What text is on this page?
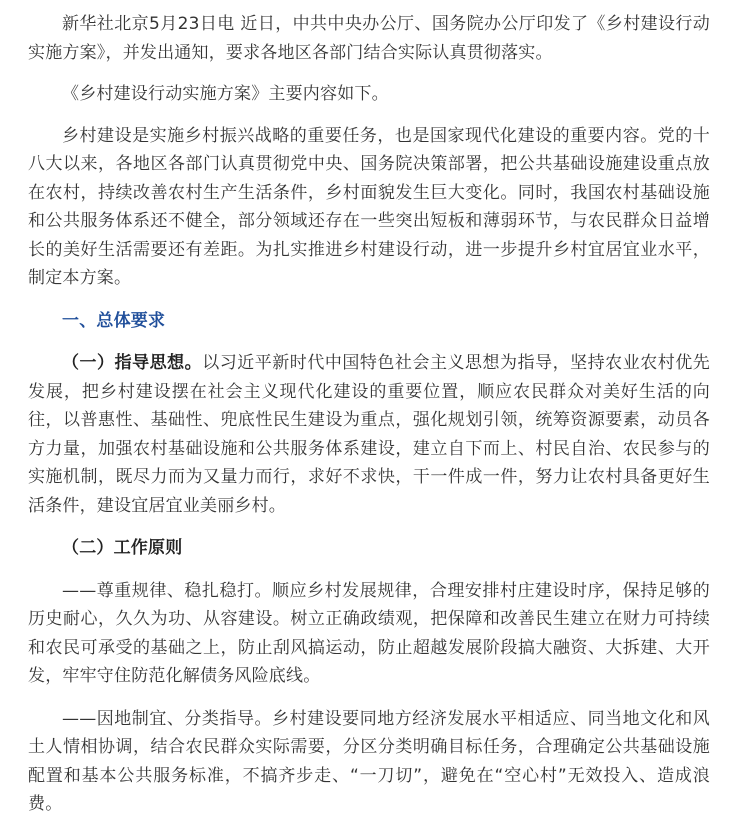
新华社北京5月23日电 近日，中共中央办公厅、国务院办公厅印发了《乡村建设行动实施方案》，并发出通知，要求各地区各部门结合实际认真贯彻落实。

《乡村建设行动实施方案》主要内容如下。

乡村建设是实施乡村振兴战略的重要任务，也是国家现代化建设的重要内容。党的十八大以来，各地区各部门认真贯彻党中央、国务院决策部署，把公共基础设施建设重点放在农村，持续改善农村生产生活条件，乡村面貌发生巨大变化。同时，我国农村基础设施和公共服务体系还不健全，部分领域还存在一些突出短板和薄弱环节，与农民群众日益增长的美好生活需要还有差距。为扎实推进乡村建设行动，进一步提升乡村宜居宜业水平，制定本方案。

一、总体要求

（一）指导思想。以习近平新时代中国特色社会主义思想为指导，坚持农业农村优先发展，把乡村建设摆在社会主义现代化建设的重要位置，顺应农民群众对美好生活的向往，以普惠性、基础性、兜底性民生建设为重点，强化规划引领，统筹资源要素，动员各方力量，加强农村基础设施和公共服务体系建设，建立自下而上、村民自治、农民参与的实施机制，既尽力而为又量力而行，求好不求快，干一件成一件，努力让农村具备更好生活条件，建设宜居宜业美丽乡村。

（二）工作原则

——尊重规律、稳扎稳打。顺应乡村发展规律，合理安排村庄建设时序，保持足够的历史耐心，久久为功、从容建设。树立正确政绩观，把保障和改善民生建立在财力可持续和农民可承受的基础之上，防止刮风搞运动，防止超越发展阶段搞大融资、大拆建、大开发，牢牢守住防范化解债务风险底线。

——因地制宜、分类指导。乡村建设要同地方经济发展水平相适应、同当地文化和风土人情相协调，结合农民群众实际需要，分区分类明确目标任务，合理确定公共基础设施配置和基本公共服务标准，不搞齐步走、“一刀切”，避免在“空心村”无效投入、造成浪费。
